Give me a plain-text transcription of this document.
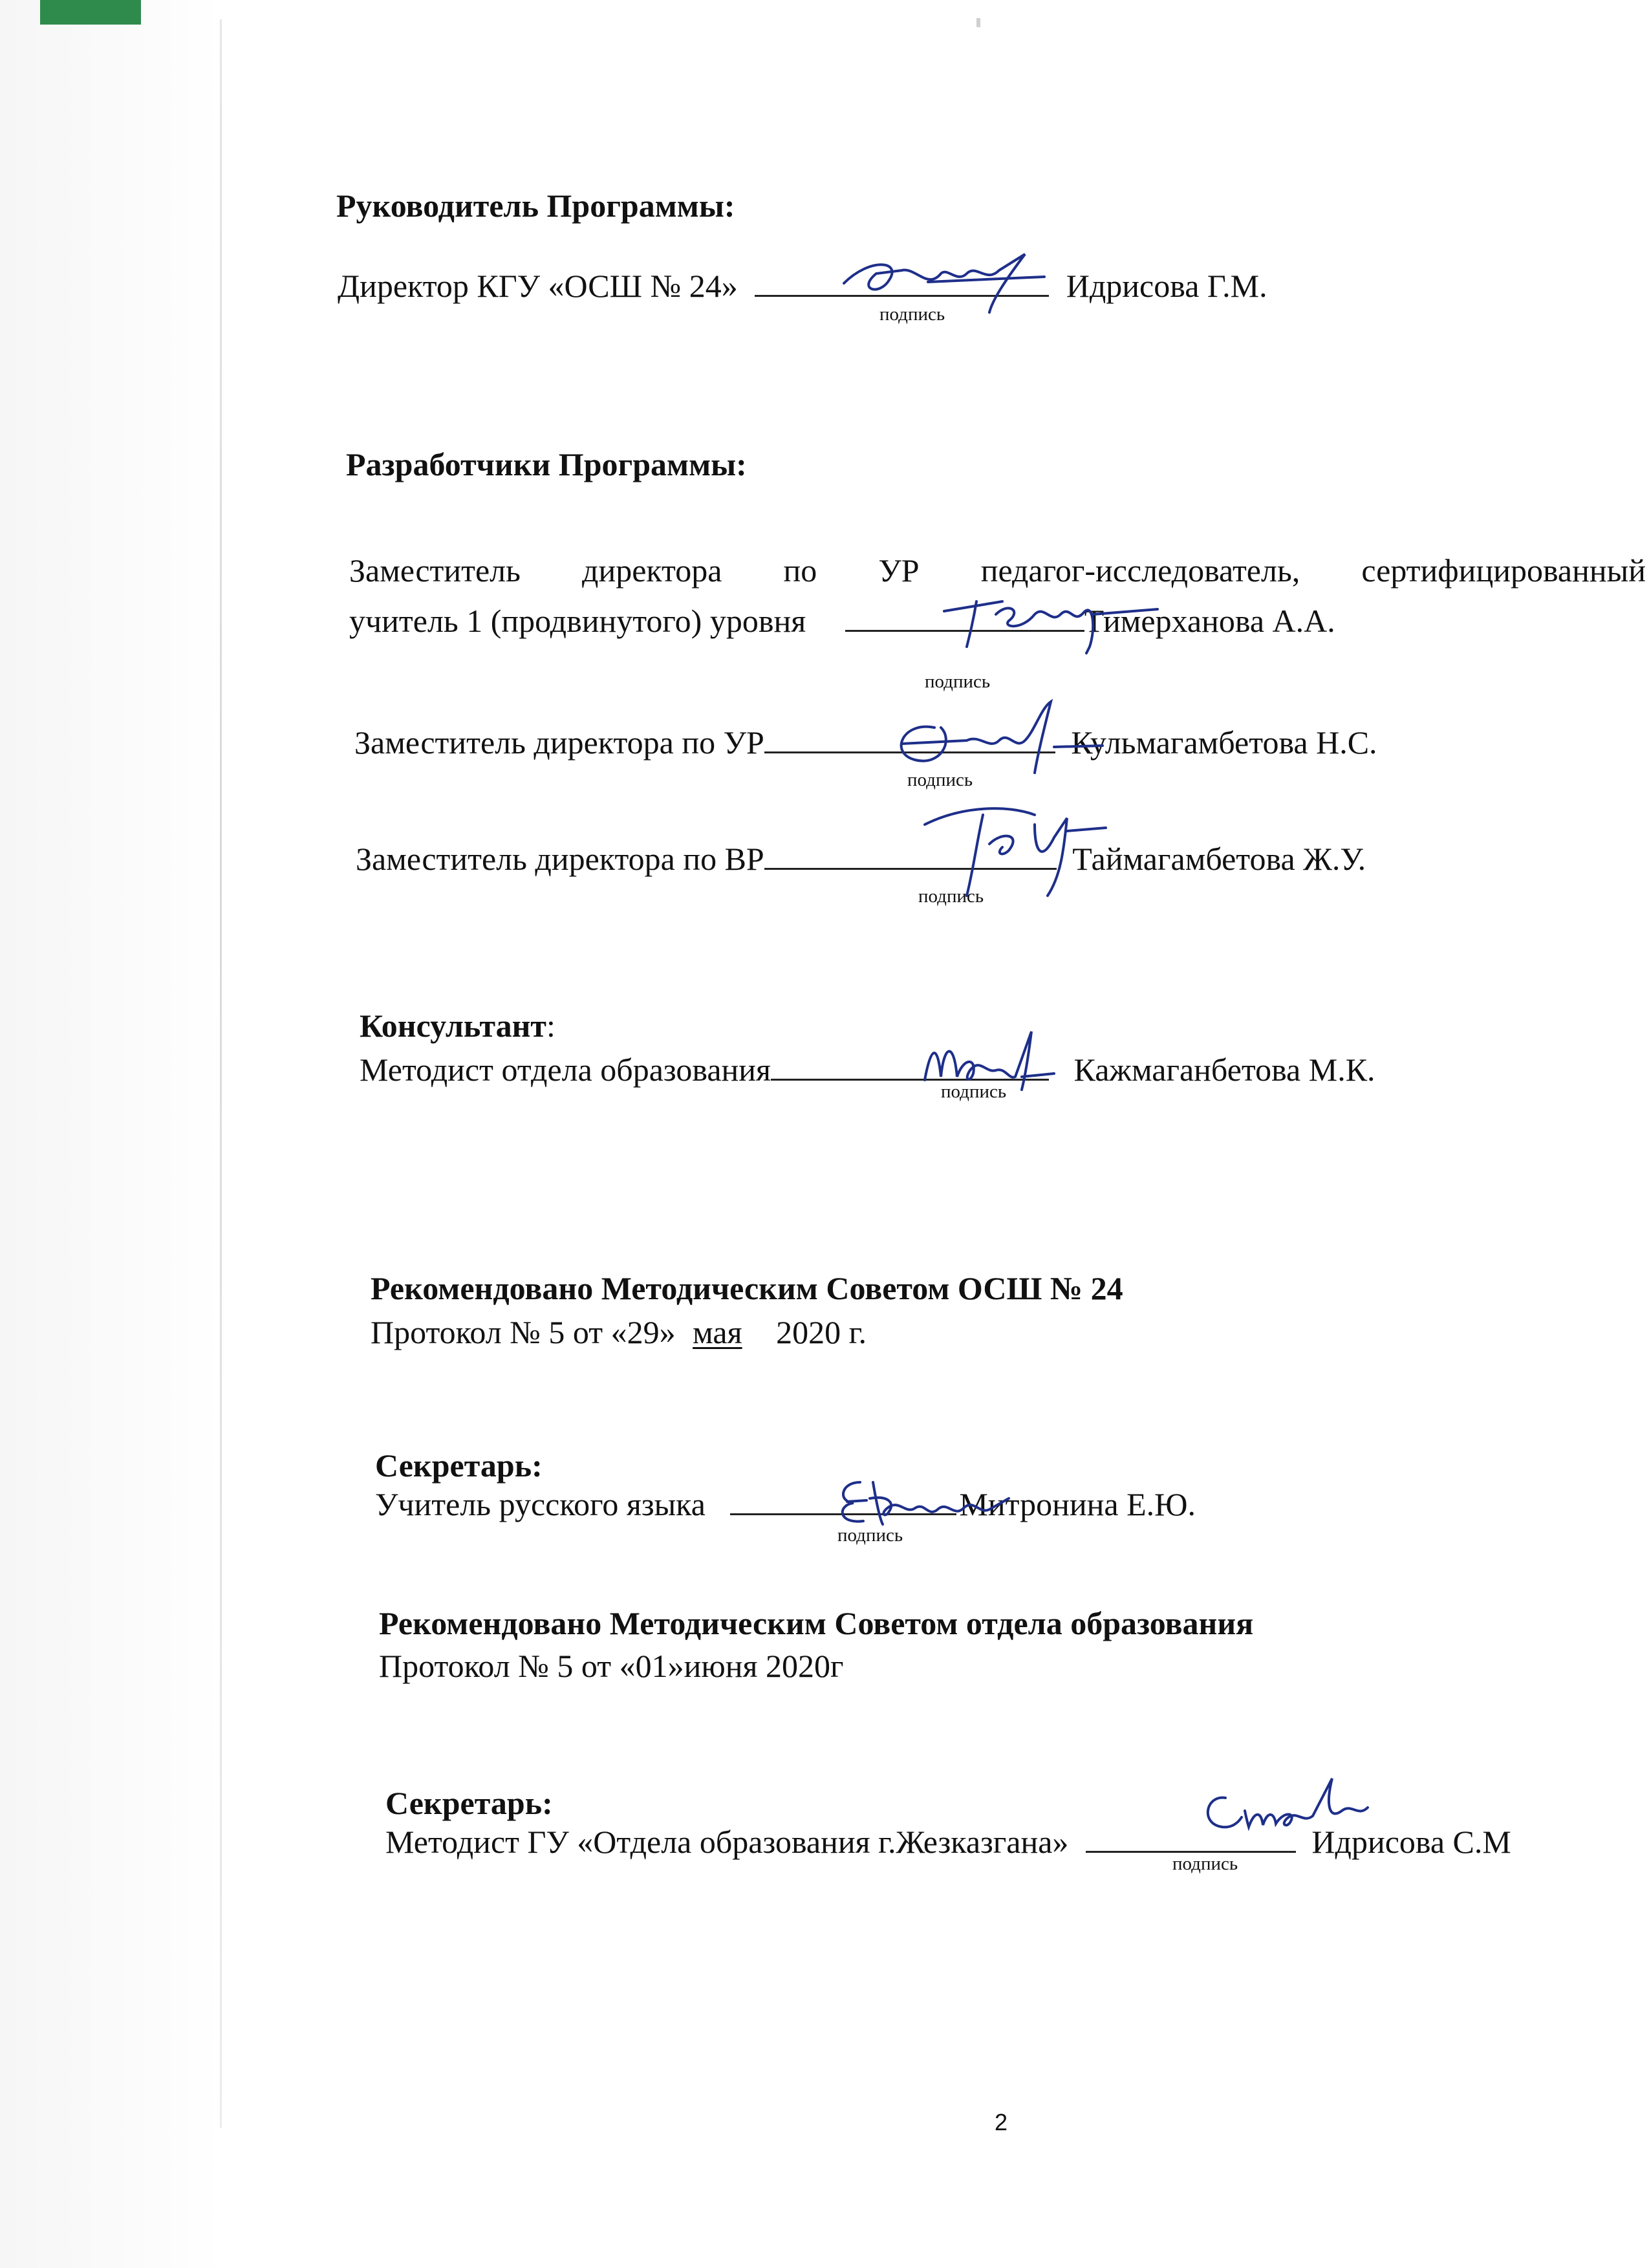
Руководитель Программы:
Директор КГУ «ОСШ № 24»	Идрисова Г.М.
подпись
Разработчики Программы:
Заместитель директора по УР педагог-исследователь, сертифицированный
учитель 1 (продвинутого) уровня	Тимерханова А.А.
подпись
Заместитель директора по УР	Кульмагамбетова Н.С.
подпись
Заместитель директора по ВР	Таймагамбетова Ж.У.
подпись
Консультант:
Методист отдела образования	Кажмаганбетова М.К.
подпись
Рекомендовано Методическим Советом ОСШ № 24
Протокол № 5 от «29» мая 2020 г.
Секретарь:
Учитель русского языка	Митронина Е.Ю.
подпись
Рекомендовано Методическим Советом отдела образования
Протокол № 5 от «01»июня 2020г
Секретарь:
Методист ГУ «Отдела образования г.Жезказгана»	Идрисова С.М
подпись
2
